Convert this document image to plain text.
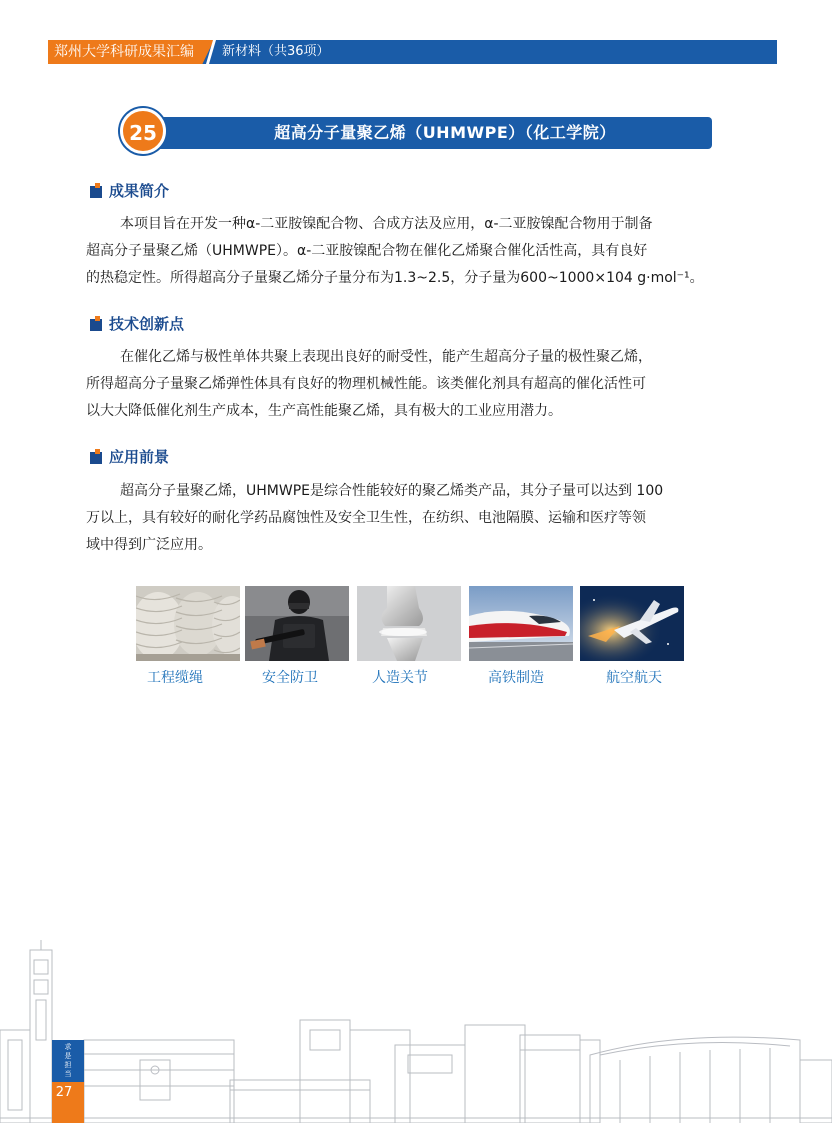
郑州大学科研成果汇编 新材料（共36项）
超高分子量聚乙烯（UHMWPE）（化工学院）
25
成果简介
本项目旨在开发一种α-二亚胺镍配合物、合成方法及应用，α-二亚胺镍配合物用于制备
超高分子量聚乙烯（UHMWPE）。α-二亚胺镍配合物在催化乙烯聚合催化活性高，具有良好
的热稳定性。所得超高分子量聚乙烯分子量分布为1.3~2.5，分子量为600~1000×104 g·mol⁻¹。
技术创新点
在催化乙烯与极性单体共聚上表现出良好的耐受性，能产生超高分子量的极性聚乙烯，
所得超高分子量聚乙烯弹性体具有良好的物理机械性能。该类催化剂具有超高的催化活性可
以大大降低催化剂生产成本，生产高性能聚乙烯，具有极大的工业应用潜力。
应用前景
超高分子量聚乙烯，UHMWPE是综合性能较好的聚乙烯类产品，其分子量可以达到 100
万以上，具有较好的耐化学药品腐蚀性及安全卫生性，在纺织、电池隔膜、运输和医疗等领
域中得到广泛应用。
工程缆绳	安全防卫	人造关节	高铁制造	航空航天
求是担当
27
